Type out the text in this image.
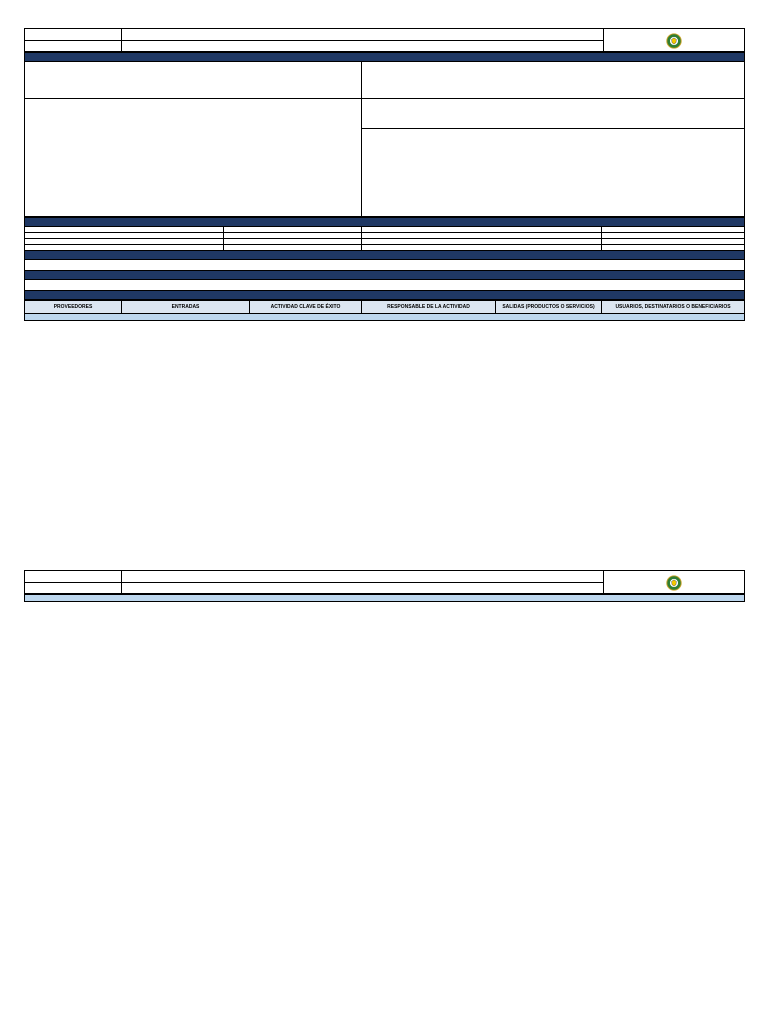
PROVEEDORES	ENTRADAS	ACTIVIDAD CLAVE DE ÉXITO	RESPONSABLE DE LA ACTIVIDAD	SALIDAS (PRODUCTOS O SERVICIOS)	USUARIOS, DESTINATARIOS O BENEFICIARIOS
